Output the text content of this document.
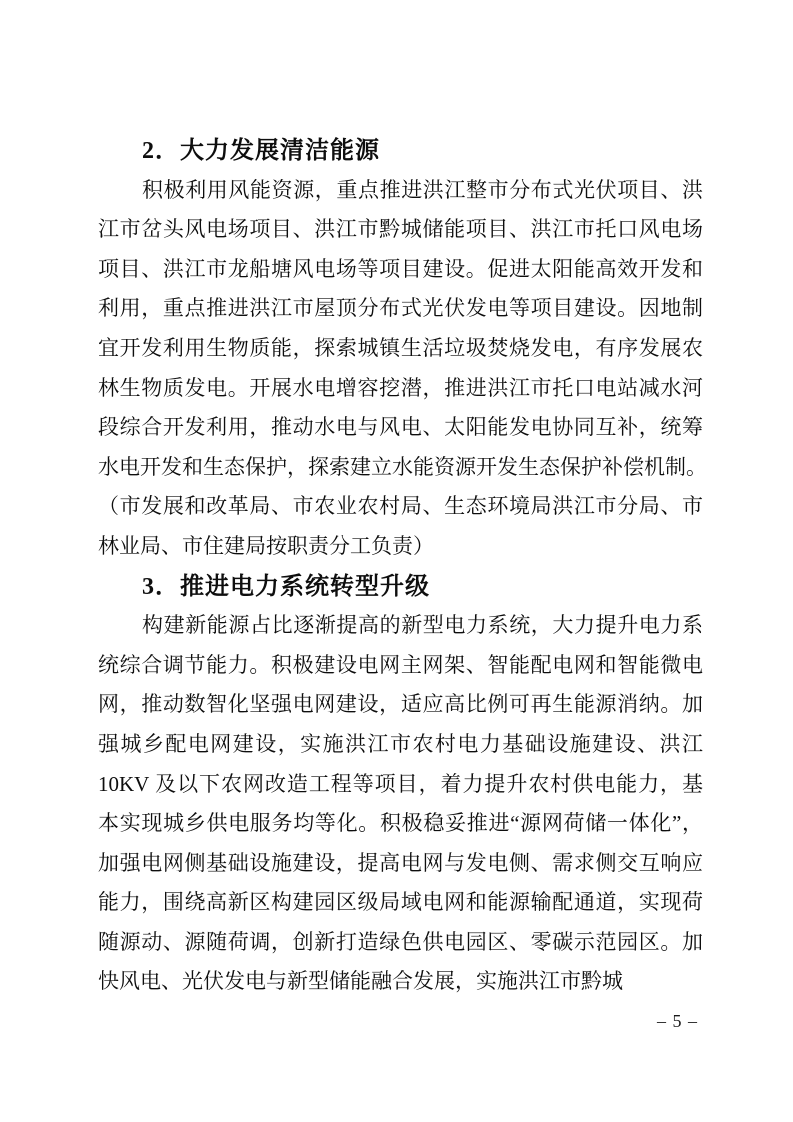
2．大力发展清洁能源
积极利用风能资源，重点推进洪江整市分布式光伏项目、洪
江市岔头风电场项目、洪江市黔城储能项目、洪江市托口风电场
项目、洪江市龙船塘风电场等项目建设。促进太阳能高效开发和
利用，重点推进洪江市屋顶分布式光伏发电等项目建设。因地制
宜开发利用生物质能，探索城镇生活垃圾焚烧发电，有序发展农
林生物质发电。开展水电增容挖潜，推进洪江市托口电站减水河
段综合开发利用，推动水电与风电、太阳能发电协同互补，统筹
水电开发和生态保护，探索建立水能资源开发生态保护补偿机制。
（市发展和改革局、市农业农村局、生态环境局洪江市分局、市
林业局、市住建局按职责分工负责）
3．推进电力系统转型升级
构建新能源占比逐渐提高的新型电力系统，大力提升电力系
统综合调节能力。积极建设电网主网架、智能配电网和智能微电
网，推动数智化坚强电网建设，适应高比例可再生能源消纳。加
强城乡配电网建设，实施洪江市农村电力基础设施建设、洪江
10KV 及以下农网改造工程等项目，着力提升农村供电能力，基
本实现城乡供电服务均等化。积极稳妥推进“源网荷储一体化”，
加强电网侧基础设施建设，提高电网与发电侧、需求侧交互响应
能力，围绕高新区构建园区级局域电网和能源输配通道，实现荷
随源动、源随荷调，创新打造绿色供电园区、零碳示范园区。加
快风电、光伏发电与新型储能融合发展，实施洪江市黔城
– 5 –
